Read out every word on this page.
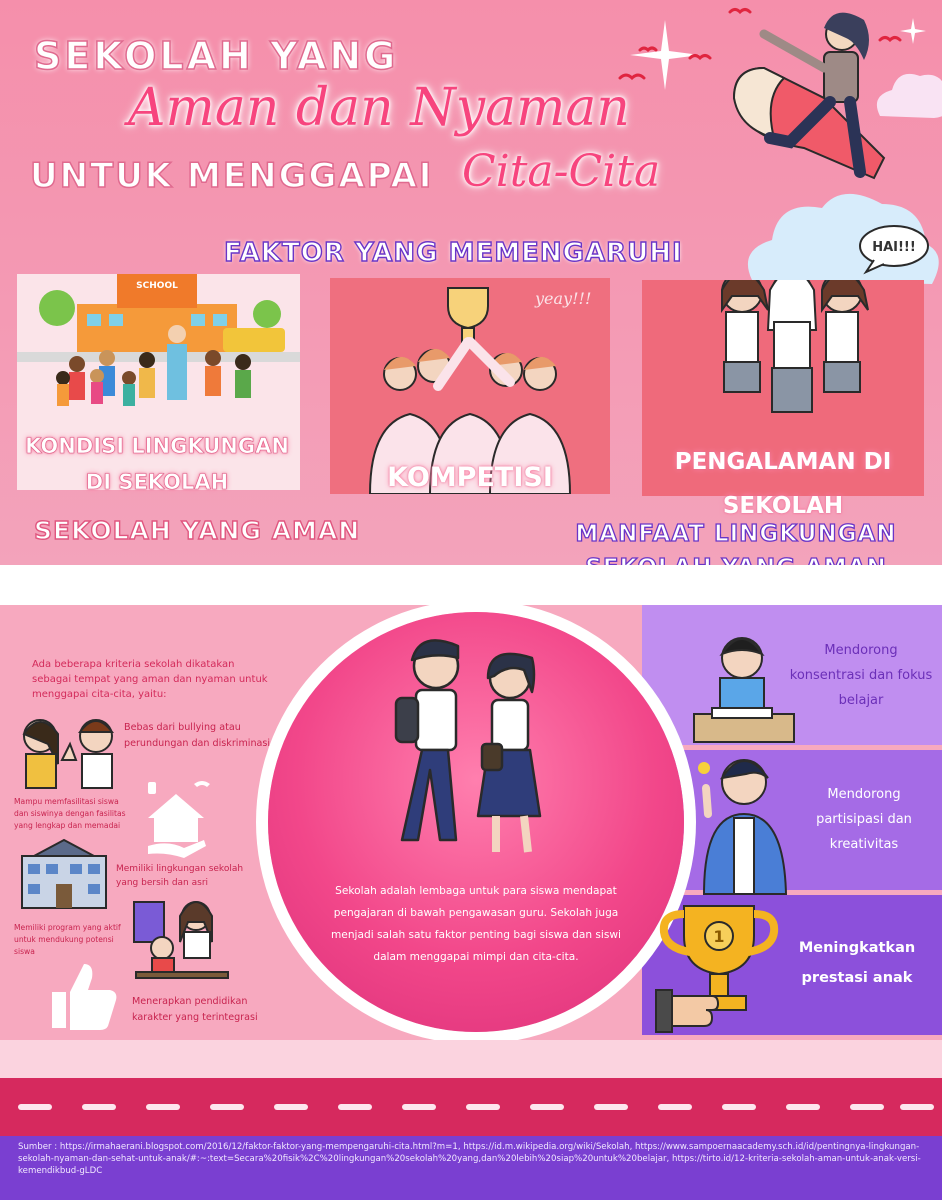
HAI!!!
SEKOLAH YANG
Aman dan Nyaman
UNTUK MENGGAPAI Cita-Cita
FAKTOR YANG MEMENGARUHI
SCHOOL
KONDISI LINGKUNGAN DI SEKOLAH
yeay!!!
KOMPETISI	PENGALAMAN DI SEKOLAH
SEKOLAH YANG AMAN	MANFAAT LINGKUNGAN
Sekolah adalah lembaga untuk para siswa mendapat pengajaran di bawah pengawasan guru. Sekolah juga menjadi salah satu faktor penting bagi siswa dan siswi dalam menggapai mimpi dan cita-cita.
Ada beberapa kriteria sekolah dikatakan sebagai tempat yang aman dan nyaman untuk menggapai cita-cita, yaitu:
Bebas dari bullying atau perundungan dan diskriminasi
Mampu memfasilitasi siswa dan siswinya dengan fasilitas yang lengkap dan memadai
Memiliki lingkungan sekolah yang bersih dan asri
Memiliki program yang aktif untuk mendukung potensi siswa
Menerapkan pendidikan karakter yang terintegrasi
Mendorong konsentrasi dan fokus belajar
Mendorong partisipasi dan kreativitas
1
Meningkatkan prestasi anak
Sumber : https://irmahaerani.blogspot.com/2016/12/faktor-faktor-yang-mempengaruhi-cita.html?m=1, https://id.m.wikipedia.org/wiki/Sekolah, https://www.sampoernaacademy.sch.id/id/pentingnya-lingkungan-sekolah-nyaman-dan-sehat-untuk-anak/#:~:text=Secara%20fisik%2C%20lingkungan%20sekolah%20yang,dan%20lebih%20siap%20untuk%20belajar, https://tirto.id/12-kriteria-sekolah-aman-untuk-anak-versi-kemendikbud-gLDC
